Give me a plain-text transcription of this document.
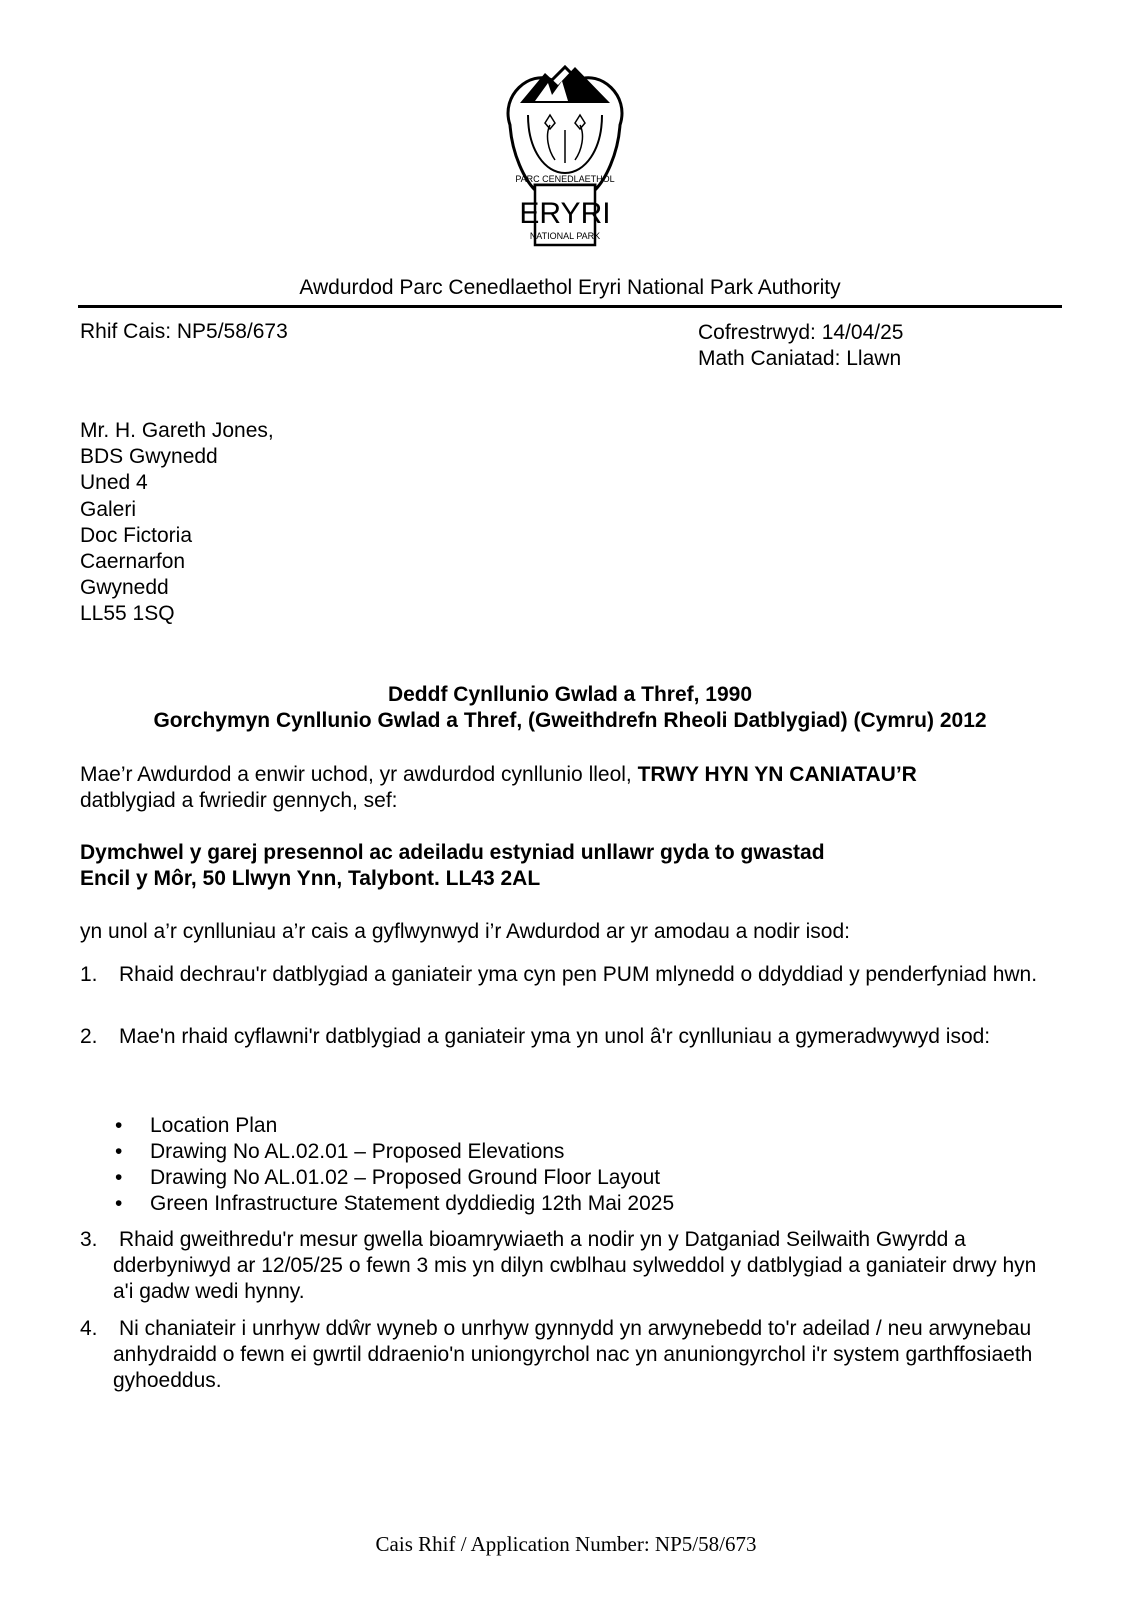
ERYRI
NATIONAL PARK
PARC CENEDLAETHOL
Awdurdod Parc Cenedlaethol Eryri National Park Authority
Rhif Cais: NP5/58/673	Cofrestrwyd: 14/04/25
Math Caniatad: Llawn
Mr. H. Gareth Jones,
BDS Gwynedd
Uned 4
Galeri
Doc Fictoria
Caernarfon
Gwynedd
LL55 1SQ
Deddf Cynllunio Gwlad a Thref, 1990
Gorchymyn Cynllunio Gwlad a Thref, (Gweithdrefn Rheoli Datblygiad) (Cymru) 2012
Mae’r Awdurdod a enwir uchod, yr awdurdod cynllunio lleol, TRWY HYN YN CANIATAU’R
datblygiad a fwriedir gennych, sef:
Dymchwel y garej presennol ac adeiladu estyniad unllawr gyda to gwastad
Encil y Môr, 50 Llwyn Ynn, Talybont. LL43 2AL
yn unol a’r cynlluniau a’r cais a gyflwynwyd i’r Awdurdod ar yr amodau a nodir isod:
1. Rhaid dechrau'r datblygiad a ganiateir yma cyn pen PUM mlynedd o ddyddiad y penderfyniad hwn.
2. Mae'n rhaid cyflawni'r datblygiad a ganiateir yma yn unol â'r cynlluniau a gymeradwywyd isod:
• Location Plan
• Drawing No AL.02.01 – Proposed Elevations
• Drawing No AL.01.02 – Proposed Ground Floor Layout
• Green Infrastructure Statement dyddiedig 12th Mai 2025
3. Rhaid gweithredu'r mesur gwella bioamrywiaeth a nodir yn y Datganiad Seilwaith Gwyrdd a dderbyniwyd ar 12/05/25 o fewn 3 mis yn dilyn cwblhau sylweddol y datblygiad a ganiateir drwy hyn a'i gadw wedi hynny.
4. Ni chaniateir i unrhyw ddŵr wyneb o unrhyw gynnydd yn arwynebedd to'r adeilad / neu arwynebau anhydraidd o fewn ei gwrtil ddraenio'n uniongyrchol nac yn anuniongyrchol i'r system garthffosiaeth gyhoeddus.
Cais Rhif / Application Number: NP5/58/673
